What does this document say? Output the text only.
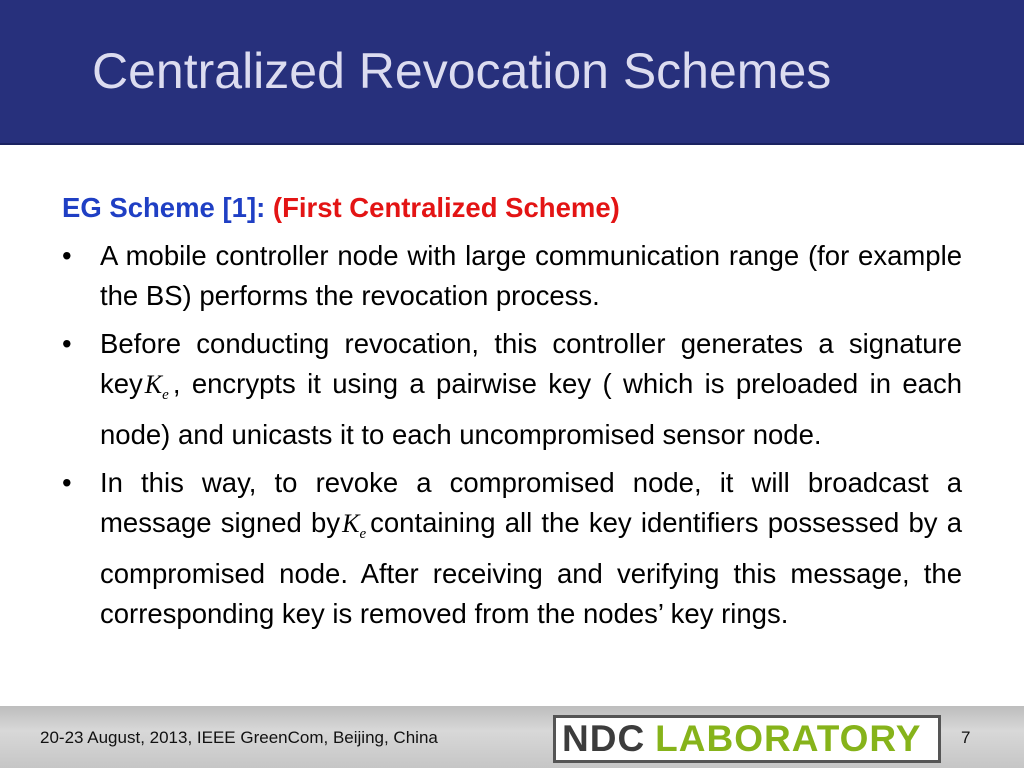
Centralized Revocation Schemes
EG Scheme [1]: (First Centralized Scheme)
• A mobile controller node with large communication range (for example the BS) performs the revocation process.
• Before conducting revocation, this controller generates a signature keyK$_e$ , encrypts it using a pairwise key ( which is preloaded in each node) and unicasts it to each uncompromised sensor node.
• In this way, to revoke a compromised node, it will broadcast a message signed byK$_e$ containing all the key identifiers possessed by a compromised node. After receiving and verifying this message, the corresponding key is removed from the nodes’ key rings.
20-23 August, 2013, IEEE GreenCom, Beijing, China	NDC LABORATORY 7
